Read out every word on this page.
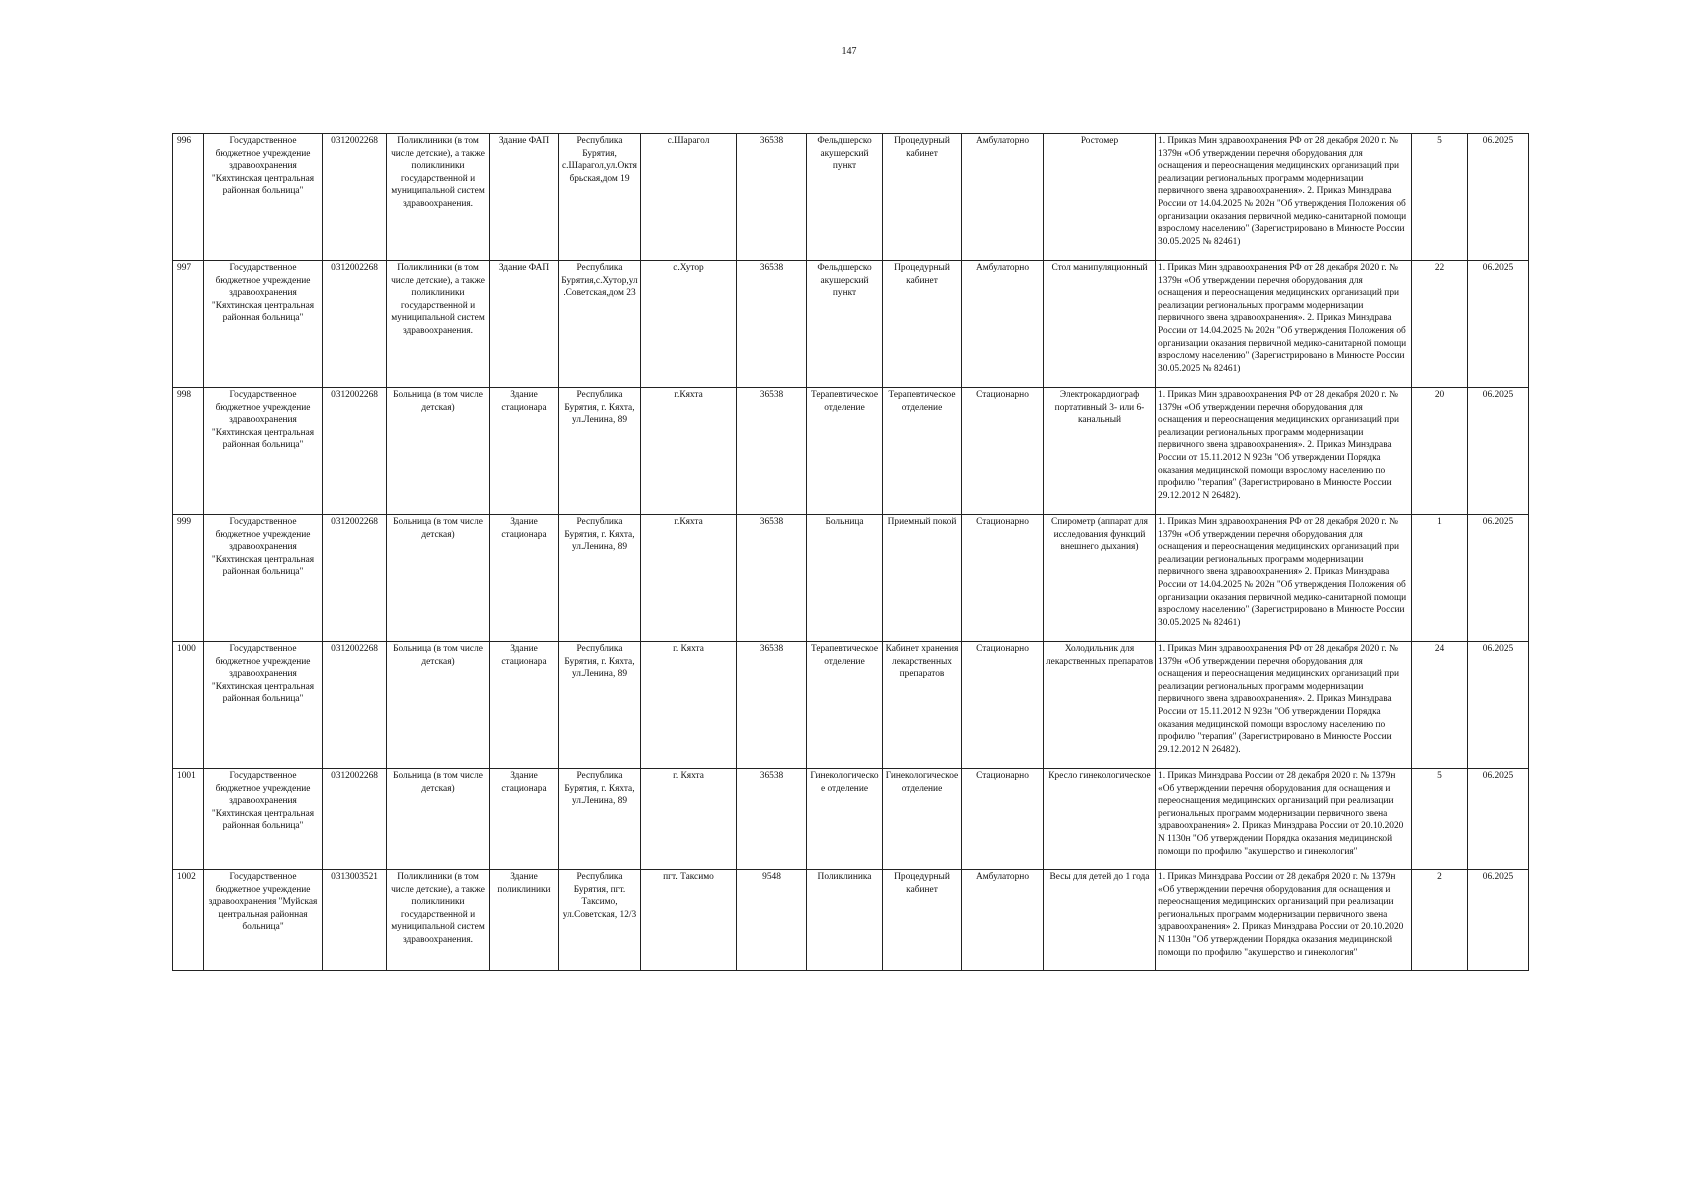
147
996	Государственное бюджетное учреждение здравоохранения "Кяхтинская центральная районная больница"	0312002268	Поликлиники (в том числе детские), а также поликлиники государственной и муниципальной систем здравоохранения.	Здание ФАП	Республика Бурятия, с.Шарагол,ул.Октябрьская,дом 19	с.Шарагол	36538	Фельдшерско акушерский пункт	Процедурный кабинет	Амбулаторно	Ростомер	1. Приказ Мин здравоохранения РФ от 28 декабря 2020 г. № 1379н «Об утверждении перечня оборудования для оснащения и переоснащения медицинских организаций при реализации региональных программ модернизации первичного звена здравоохранения». 2. Приказ Минздрава России от 14.04.2025 № 202н "Об утверждения Положения об организации оказания первичной медико-санитарной помощи взрослому населению" (Зарегистрировано в Минюсте России 30.05.2025 № 82461)	5	06.2025
997	Государственное бюджетное учреждение здравоохранения "Кяхтинская центральная районная больница"	0312002268	Поликлиники (в том числе детские), а также поликлиники государственной и муниципальной систем здравоохранения.	Здание ФАП	Республика Бурятия,с.Хутор,ул.Советская,дом 23	с.Хутор	36538	Фельдшерско акушерский пункт	Процедурный кабинет	Амбулаторно	Стол манипуляционный	1. Приказ Мин здравоохранения РФ от 28 декабря 2020 г. № 1379н «Об утверждении перечня оборудования для оснащения и переоснащения медицинских организаций при реализации региональных программ модернизации первичного звена здравоохранения». 2. Приказ Минздрава России от 14.04.2025 № 202н "Об утверждения Положения об организации оказания первичной медико-санитарной помощи взрослому населению" (Зарегистрировано в Минюсте России 30.05.2025 № 82461)	22	06.2025
998	Государственное бюджетное учреждение здравоохранения "Кяхтинская центральная районная больница"	0312002268	Больница (в том числе детская)	Здание стационара	Республика Бурятия, г. Кяхта, ул.Ленина, 89	г.Кяхта	36538	Терапевтическое отделение	Терапевтическое отделение	Стационарно	Электрокардиограф портативный 3- или 6-канальный	1. Приказ Мин здравоохранения РФ от 28 декабря 2020 г. № 1379н «Об утверждении перечня оборудования для оснащения и переоснащения медицинских организаций при реализации региональных программ модернизации первичного звена здравоохранения». 2. Приказ Минздрава России от 15.11.2012 N 923н "Об утверждении Порядка оказания медицинской помощи взрослому населению по профилю "терапия" (Зарегистрировано в Минюсте России 29.12.2012 N 26482).	20	06.2025
999	Государственное бюджетное учреждение здравоохранения "Кяхтинская центральная районная больница"	0312002268	Больница (в том числе детская)	Здание стационара	Республика Бурятия, г. Кяхта, ул.Ленина, 89	г.Кяхта	36538	Больница	Приемный покой	Стационарно	Спирометр (аппарат для исследования функций внешнего дыхания)	1. Приказ Мин здравоохранения РФ от 28 декабря 2020 г. № 1379н «Об утверждении перечня оборудования для оснащения и переоснащения медицинских организаций при реализации региональных программ модернизации первичного звена здравоохранения» 2. Приказ Минздрава России от 14.04.2025 № 202н "Об утверждения Положения об организации оказания первичной медико-санитарной помощи взрослому населению" (Зарегистрировано в Минюсте России 30.05.2025 № 82461)	1	06.2025
1000	Государственное бюджетное учреждение здравоохранения "Кяхтинская центральная районная больница"	0312002268	Больница (в том числе детская)	Здание стационара	Республика Бурятия, г. Кяхта, ул.Ленина, 89	г. Кяхта	36538	Терапевтическое отделение	Кабинет хранения лекарственных препаратов	Стационарно	Холодильник для лекарственных препаратов	1. Приказ Мин здравоохранения РФ от 28 декабря 2020 г. № 1379н «Об утверждении перечня оборудования для оснащения и переоснащения медицинских организаций при реализации региональных программ модернизации первичного звена здравоохранения». 2. Приказ Минздрава России от 15.11.2012 N 923н "Об утверждении Порядка оказания медицинской помощи взрослому населению по профилю "терапия" (Зарегистрировано в Минюсте России 29.12.2012 N 26482).	24	06.2025
1001	Государственное бюджетное учреждение здравоохранения "Кяхтинская центральная районная больница"	0312002268	Больница (в том числе детская)	Здание стационара	Республика Бурятия, г. Кяхта, ул.Ленина, 89	г. Кяхта	36538	Гинекологическое отделение	Гинекологическое отделение	Стационарно	Кресло гинекологическое	1. Приказ Минздрава России от 28 декабря 2020 г. № 1379н «Об утверждении перечня оборудования для оснащения и переоснащения медицинских организаций при реализации региональных программ модернизации первичного звена здравоохранения» 2. Приказ Минздрава России от 20.10.2020 N 1130н "Об утверждении Порядка оказания медицинской помощи по профилю "акушерство и гинекология"	5	06.2025
1002	Государственное бюджетное учреждение здравоохранения "Муйская центральная районная больница"	0313003521	Поликлиники (в том числе детские), а также поликлиники государственной и муниципальной систем здравоохранения.	Здание поликлиники	Республика Бурятия, пгт. Таксимо, ул.Советская, 12/3	пгт. Таксимо	9548	Поликлиника	Процедурный кабинет	Амбулаторно	Весы для детей до 1 года	1. Приказ Минздрава России от 28 декабря 2020 г. № 1379н «Об утверждении перечня оборудования для оснащения и переоснащения медицинских организаций при реализации региональных программ модернизации первичного звена здравоохранения» 2. Приказ Минздрава России от 20.10.2020 N 1130н "Об утверждении Порядка оказания медицинской помощи по профилю "акушерство и гинекология"	2	06.2025
